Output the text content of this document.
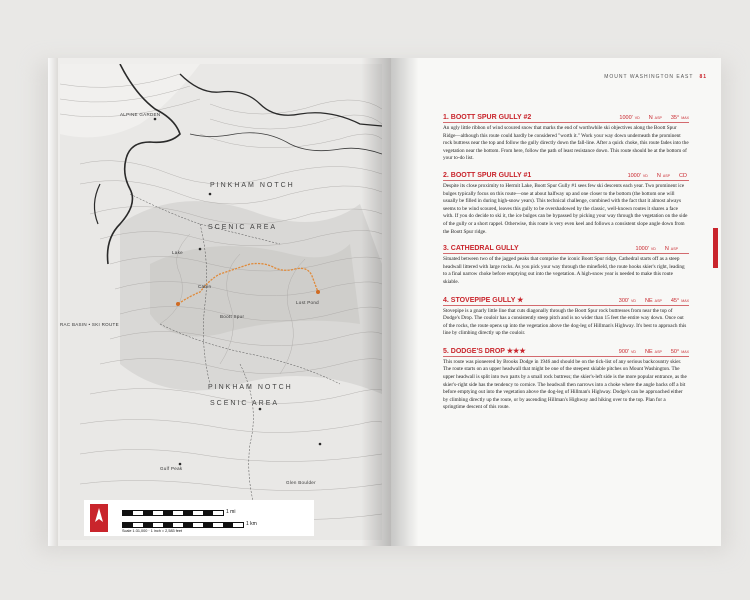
PINKHAM NOTCH
SCENIC AREA
PINKHAM NOTCH
SCENIC AREA
ALPINE GARDEN
Boott Spur
Lake
Lost Pond
Glen Boulder
Gulf Peak
Cabin
RAC BASIN • SKI ROUTE
1 mi
1 km
Scale 1:31,000 · 1 inch = 2,583 feet
MOUNT WASHINGTON EAST 81
1. BOOTT SPUR GULLY #2	1000' VD NASP 35° MAX
An ugly little ribbon of wind scoured snow that marks the end of worthwhile ski objectives along the Boott Spur Ridge—although this route could hardly be considered "worth it." Work your way down underneath the prominent rock buttress near the top and follow the gully directly down the fall-line. After a quick choke, this route fades into the vegetation near the bottom. From here, follow the path of least resistance down. This route should be at the bottom of your to-do list.
2. BOOTT SPUR GULLY #1	1000' VD NASP CD
Despite its close proximity to Hermit Lake, Boott Spur Gully #1 sees few ski descents each year. Two prominent ice bulges typically focus on this route—one at about halfway up and one closer to the bottom (the bottom one will usually be filled in during high-snow years). This technical challenge, combined with the fact that it almost always seems to be wind scoured, leaves this gully to be overshadowed by the classic, well-known routes it shares a face with. If you do decide to ski it, the ice bulges can be bypassed by picking your way through the vegetation on the side of the gully or a short rappel. Otherwise, this route is very even keel and follows a consistent slope angle down from the Boott Spur ridge.
3. CATHEDRAL GULLY	1000' VD NASP
Situated between two of the jagged peaks that comprise the iconic Boott Spur ridge, Cathedral starts off as a steep headwall littered with large rocks. As you pick your way through the minefield, the route hooks skier's right, leading to a final narrow choke before emptying out into the vegetation. A high-snow year is needed to make this route skiable.
4. STOVEPIPE GULLY ★	300' VD NE ASP 45° MAX
Stovepipe is a gnarly little line that cuts diagonally through the Boott Spur rock buttresses from near the top of Dodge's Drop. The couloir has a consistently steep pitch and is no wider than 15 feet the entire way down. Once out of the rocks, the route opens up into the vegetation above the dog-leg of Hillman's Highway. It's best to approach this line by climbing directly up the couloir.
5. DODGE'S DROP ★★★	900' VD NE ASP 50° MAX
This route was pioneered by Brooks Dodge in 1946 and should be on the tick-list of any serious backcountry skier. The route starts on an upper headwall that might be one of the steepest skiable pitches on Mount Washington. The upper headwall is split into two parts by a small rock buttress; the skier's-left side is the more popular entrance, as the skier's-right side has the tendency to cornice. The headwall then narrows into a choke where the angle backs off a bit before emptying out into the vegetation above the dog-leg of Hillman's Highway. Dodge's can be approached either by climbing directly up the route, or by ascending Hillman's Highway and hiking over to the top. Plan for a springtime descent of this route.
